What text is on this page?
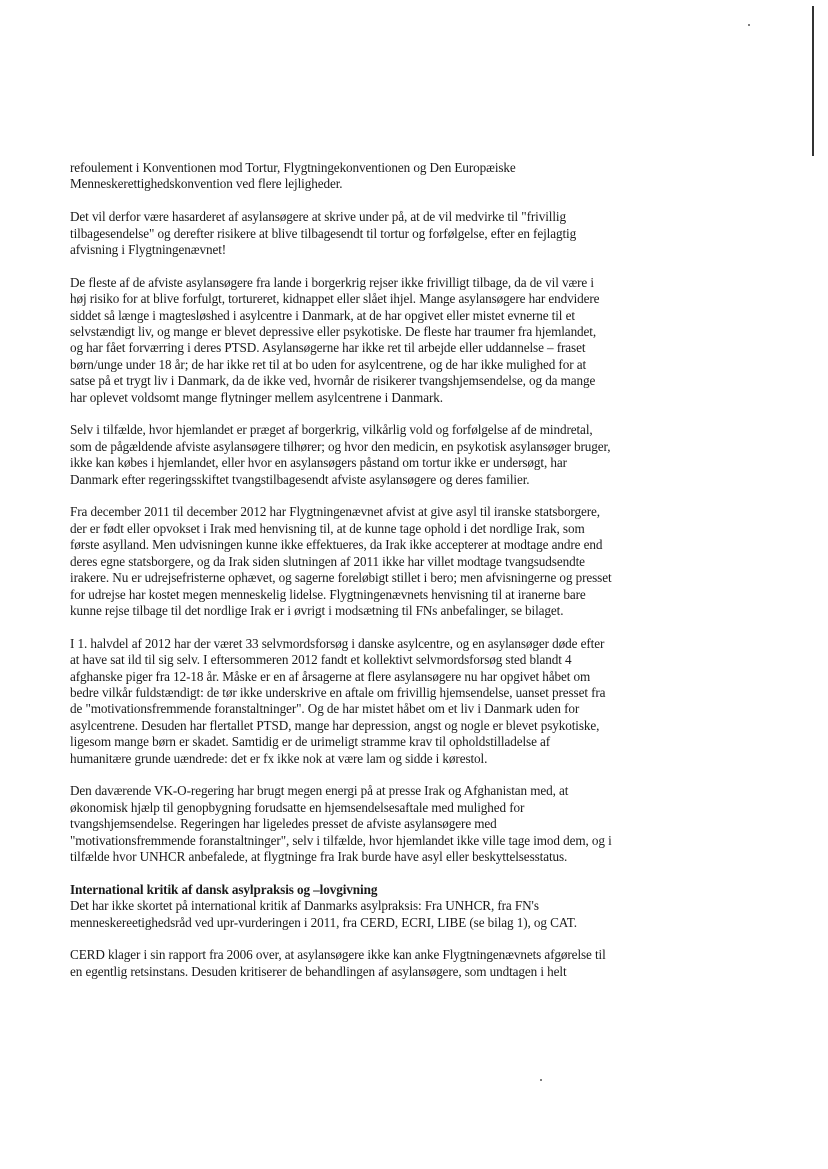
refoulement i Konventionen mod Tortur, Flygtningekonventionen og Den Europæiske
Menneskerettighedskonvention ved flere lejligheder.

Det vil derfor være hasarderet af asylansøgere at skrive under på, at de vil medvirke til "frivillig
tilbagesendelse" og derefter risikere at blive tilbagesendt til tortur og forfølgelse, efter en fejlagtig
afvisning i Flygtningenævnet!

De fleste af de afviste asylansøgere fra lande i borgerkrig rejser ikke frivilligt tilbage, da de vil være i
høj risiko for at blive forfulgt, tortureret, kidnappet eller slået ihjel. Mange asylansøgere har endvidere
siddet så længe i magtesløshed i asylcentre i Danmark, at de har opgivet eller mistet evnerne til et
selvstændigt liv, og mange er blevet depressive eller psykotiske. De fleste har traumer fra hjemlandet,
og har fået forværring i deres PTSD. Asylansøgerne har ikke ret til arbejde eller uddannelse – fraset
børn/unge under 18 år; de har ikke ret til at bo uden for asylcentrene, og de har ikke mulighed for at
satse på et trygt liv i Danmark, da de ikke ved, hvornår de risikerer tvangshjemsendelse, og da mange
har oplevet voldsomt mange flytninger mellem asylcentrene i Danmark.

Selv i tilfælde, hvor hjemlandet er præget af borgerkrig, vilkårlig vold og forfølgelse af de mindretal,
som de pågældende afviste asylansøgere tilhører; og hvor den medicin, en psykotisk asylansøger bruger,
ikke kan købes i hjemlandet, eller hvor en asylansøgers påstand om tortur ikke er undersøgt, har
Danmark efter regeringsskiftet tvangstilbagesendt afviste asylansøgere og deres familier.

Fra december 2011 til december 2012 har Flygtningenævnet afvist at give asyl til iranske statsborgere,
der er født eller opvokset i Irak med henvisning til, at de kunne tage ophold i det nordlige Irak, som
første asylland. Men udvisningen kunne ikke effektueres, da Irak ikke accepterer at modtage andre end
deres egne statsborgere, og da Irak siden slutningen af 2011 ikke har villet modtage tvangsudsendte
irakere. Nu er udrejsefristerne ophævet, og sagerne foreløbigt stillet i bero; men afvisningerne og presset
for udrejse har kostet megen menneskelig lidelse. Flygtningenævnets henvisning til at iranerne bare
kunne rejse tilbage til det nordlige Irak er i øvrigt i modsætning til FNs anbefalinger, se bilaget.

I 1. halvdel af 2012 har der været 33 selvmordsforsøg i danske asylcentre, og en asylansøger døde efter
at have sat ild til sig selv. I eftersommeren 2012 fandt et kollektivt selvmordsforsøg sted blandt 4
afghanske piger fra 12-18 år. Måske er en af årsagerne at flere asylansøgere nu har opgivet håbet om
bedre vilkår fuldstændigt: de tør ikke underskrive en aftale om frivillig hjemsendelse, uanset presset fra
de "motivationsfremmende foranstaltninger". Og de har mistet håbet om et liv i Danmark uden for
asylcentrene. Desuden har flertallet PTSD, mange har depression, angst og nogle er blevet psykotiske,
ligesom mange børn er skadet. Samtidig er de urimeligt stramme krav til opholdstilladelse af
humanitære grunde uændrede: det er fx ikke nok at være lam og sidde i kørestol.

Den daværende VK-O-regering har brugt megen energi på at presse Irak og Afghanistan med, at
økonomisk hjælp til genopbygning forudsatte en hjemsendelsesaftale med mulighed for
tvangshjemsendelse. Regeringen har ligeledes presset de afviste asylansøgere med
"motivationsfremmende foranstaltninger", selv i tilfælde, hvor hjemlandet ikke ville tage imod dem, og i
tilfælde hvor UNHCR anbefalede, at flygtninge fra Irak burde have asyl eller beskyttelsesstatus.

International kritik af dansk asylpraksis og –lovgivning

Det har ikke skortet på international kritik af Danmarks asylpraksis: Fra UNHCR, fra FN's
menneskereetighedsråd ved upr-vurderingen i 2011, fra CERD, ECRI, LIBE (se bilag 1), og CAT.

CERD klager i sin rapport fra 2006 over, at asylansøgere ikke kan anke Flygtningenævnets afgørelse til
en egentlig retsinstans. Desuden kritiserer de behandlingen af asylansøgere, som undtagen i helt
